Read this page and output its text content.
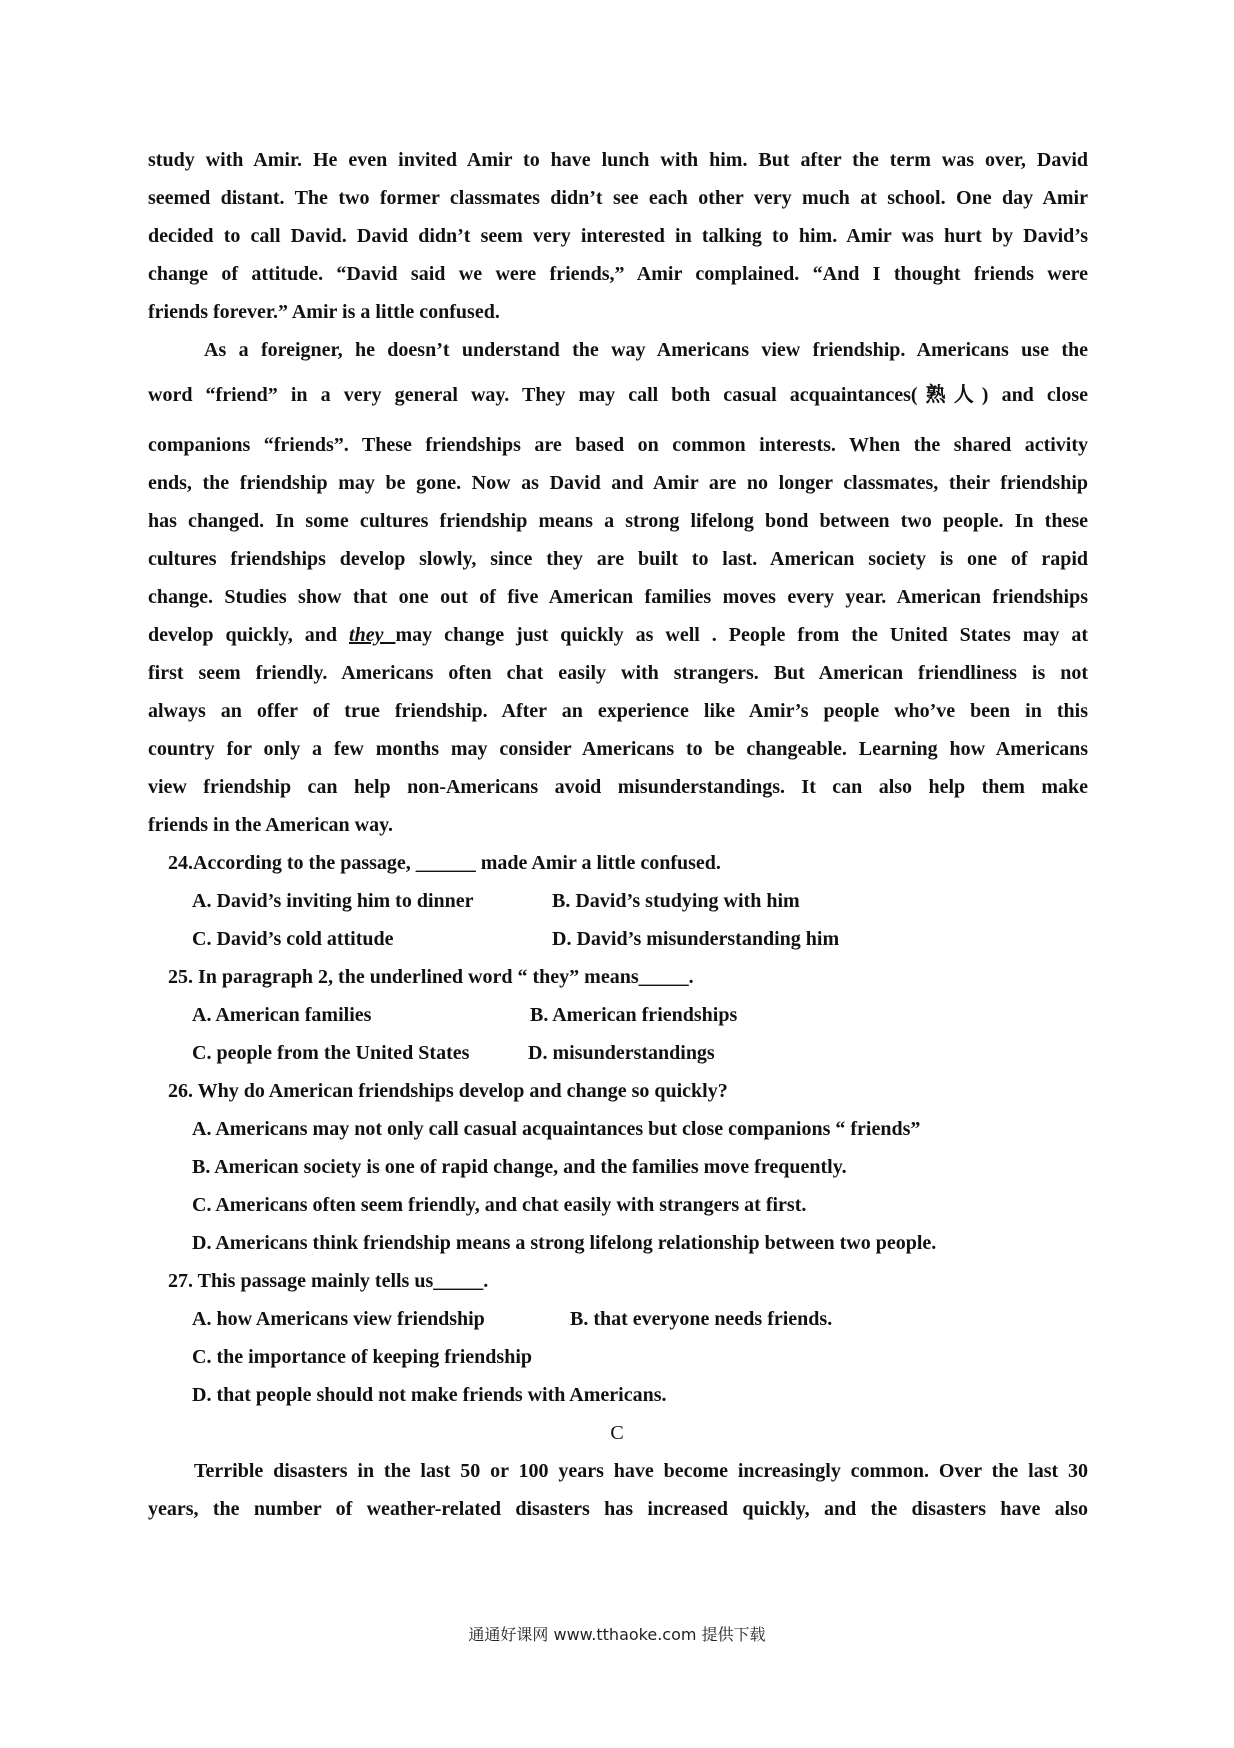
study with Amir. He even invited Amir to have lunch with him. But after the term was over, David
seemed distant. The two former classmates didn’t see each other very much at school. One day Amir
decided to call David. David didn’t seem very interested in talking to him. Amir was hurt by David’s
change of attitude. “David said we were friends,” Amir complained. “And I thought friends were
friends forever.” Amir is a little confused.
As a foreigner, he doesn’t understand the way Americans view friendship. Americans use the
word “friend” in a very general way. They may call both casual acquaintances(熟人) and close
companions “friends”. These friendships are based on common interests. When the shared activity
ends, the friendship may be gone. Now as David and Amir are no longer classmates, their friendship
has changed. In some cultures friendship means a strong lifelong bond between two people. In these
cultures friendships develop slowly, since they are built to last. American society is one of rapid
change. Studies show that one out of five American families moves every year. American friendships
develop quickly, and they may change just quickly as well . People from the United States may at
first seem friendly. Americans often chat easily with strangers. But American friendliness is not
always an offer of true friendship. After an experience like Amir’s people who’ve been in this
country for only a few months may consider Americans to be changeable. Learning how Americans
view friendship can help non-Americans avoid misunderstandings. It can also help them make
friends in the American way.
24.According to the passage, ______ made Amir a little confused.
A. David’s inviting him to dinner	B. David’s studying with him
C. David’s cold attitude	D. David’s misunderstanding him
25. In paragraph 2, the underlined word “ they” means_____.
A. American families	B. American friendships
C. people from the United States	D. misunderstandings
26. Why do American friendships develop and change so quickly?
A. Americans may not only call casual acquaintances but close companions “ friends”
B. American society is one of rapid change, and the families move frequently.
C. Americans often seem friendly, and chat easily with strangers at first.
D. Americans think friendship means a strong lifelong relationship between two people.
27. This passage mainly tells us_____.
A. how Americans view friendship	B. that everyone needs friends.
C. the importance of keeping friendship
D. that people should not make friends with Americans.
C
Terrible disasters in the last 50 or 100 years have become increasingly common. Over the last 30
years, the number of weather-related disasters has increased quickly, and the disasters have also
通通好课网 www.tthaoke.com 提供下载
